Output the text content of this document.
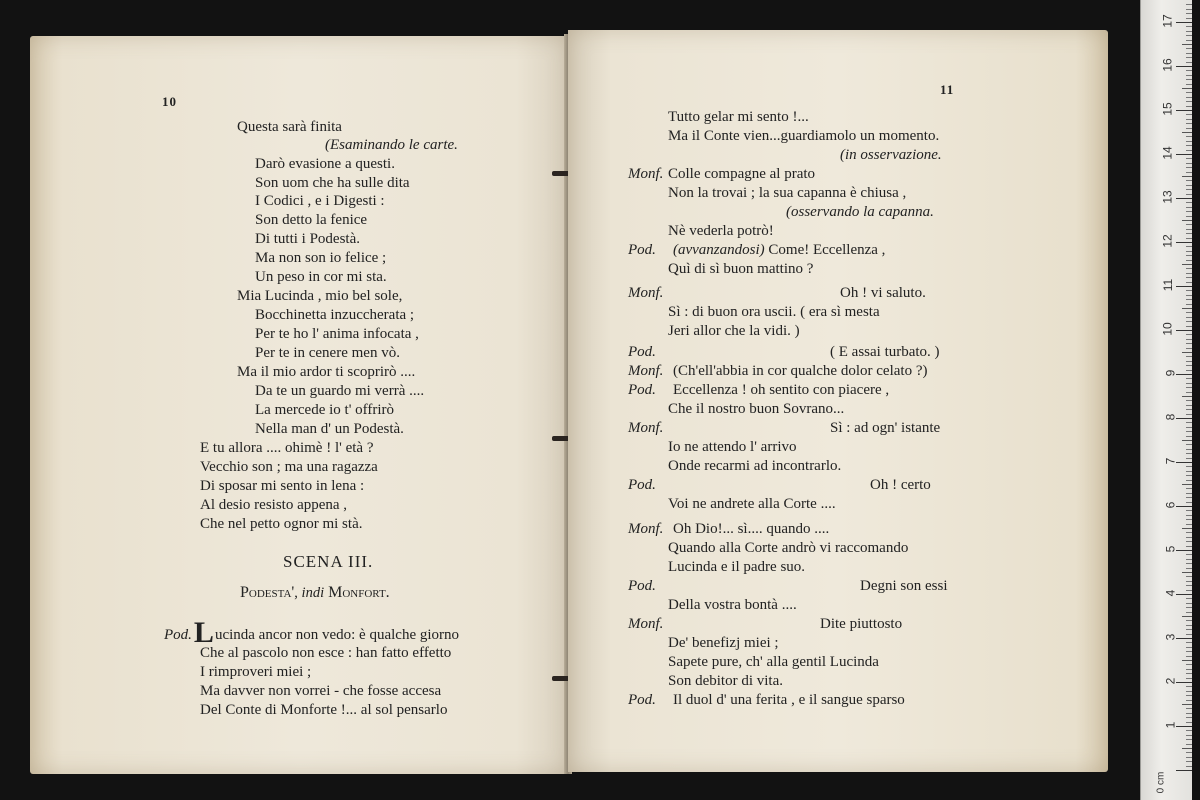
10
Questa sarà finita
(Esaminando le carte.
Darò evasione a questi.
Son uom che ha sulle dita
I Codici , e i Digesti :
Son detto la fenice
Di tutti i Podestà.
Ma non son io felice ;
Un peso in cor mi sta.
Mia Lucinda , mio bel sole,
Bocchinetta inzuccherata ;
Per te ho l' anima infocata ,
Per te in cenere men vò.
Ma il mio ardor ti scoprirò ....
Da te un guardo mi verrà ....
La mercede io t' offrirò
Nella man d' un Podestà.
E tu allora .... ohimè ! l' età ?
Vecchio son ; ma una ragazza
Di sposar mi sento in lena :
Al desio resisto appena ,
Che nel petto ognor mi stà.
SCENA III.
Podesta', indi Monfort.
Pod.Lucinda ancor non vedo: è qualche giorno
Che al pascolo non esce : han fatto effetto
I rimproveri miei ;
Ma davver non vorrei - che fosse accesa
Del Conte di Monforte !... al sol pensarlo
11
Tutto gelar mi sento !...
Ma il Conte vien...guardiamolo un momento.
(in osservazione.
Monf. Colle compagne al prato
Non la trovai ; la sua capanna è chiusa ,
(osservando la capanna.
Nè vederla potrò!
Pod. (avvanzandosi) Come! Eccellenza ,
Quì di sì buon mattino ?
Monf.	Oh ! vi saluto.
Sì : di buon ora uscii. ( era sì mesta
Jeri allor che la vidi. )
Pod.	( E assai turbato. )
Monf. (Ch'ell'abbia in cor qualche dolor celato ?)
Pod. Eccellenza ! oh sentito con piacere ,
Che il nostro buon Sovrano...
Monf.	Sì : ad ogn' istante
Io ne attendo l' arrivo
Onde recarmi ad incontrarlo.
Pod.	Oh ! certo
Voi ne andrete alla Corte ....
Monf. Oh Dio!... sì.... quando ....
Quando alla Corte andrò vi raccomando
Lucinda e il padre suo.
Pod.	Degni son essi
Della vostra bontà ....
Monf.	Dite piuttosto
De' benefizj miei ;
Sapete pure, ch' alla gentil Lucinda
Son debitor di vita.
Pod. Il duol d' una ferita , e il sangue sparso
1
2
3
4
5
6
7
8
9
10
11
12
13
14
15
16
17
0 cm
